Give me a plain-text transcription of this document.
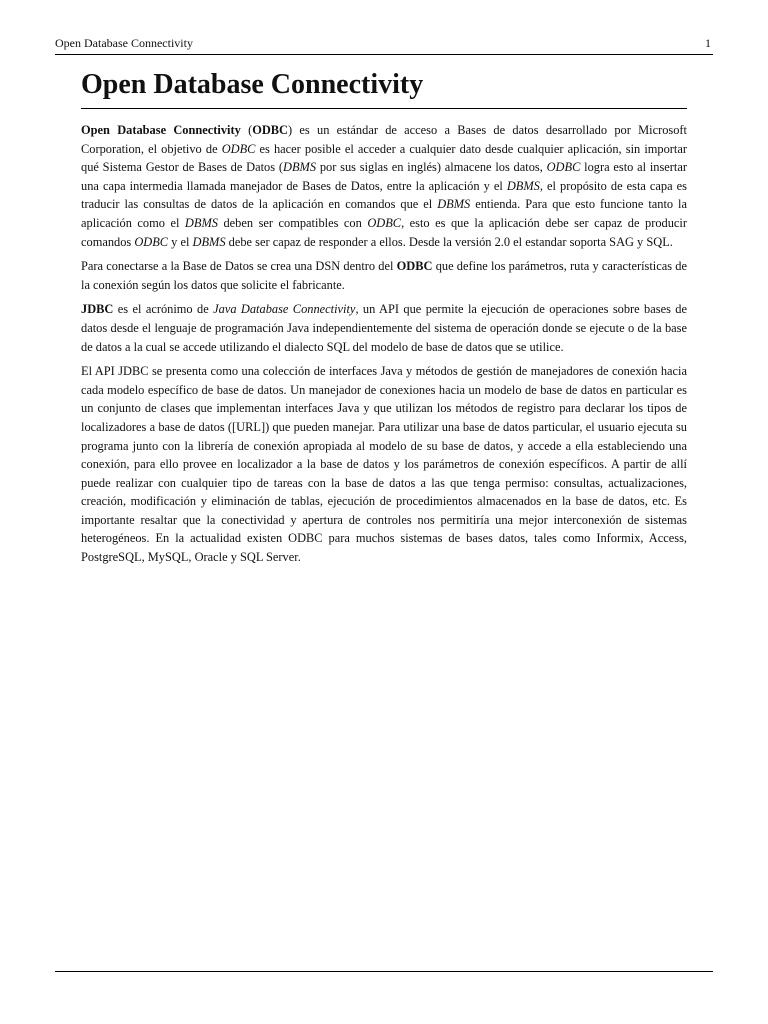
Open Database Connectivity	1
Open Database Connectivity

Open Database Connectivity (ODBC) es un estándar de acceso a Bases de datos desarrollado por Microsoft Corporation, el objetivo de ODBC es hacer posible el acceder a cualquier dato desde cualquier aplicación, sin importar qué Sistema Gestor de Bases de Datos (DBMS por sus siglas en inglés) almacene los datos, ODBC logra esto al insertar una capa intermedia llamada manejador de Bases de Datos, entre la aplicación y el DBMS, el propósito de esta capa es traducir las consultas de datos de la aplicación en comandos que el DBMS entienda. Para que esto funcione tanto la aplicación como el DBMS deben ser compatibles con ODBC, esto es que la aplicación debe ser capaz de producir comandos ODBC y el DBMS debe ser capaz de responder a ellos. Desde la versión 2.0 el estandar soporta SAG y SQL.

Para conectarse a la Base de Datos se crea una DSN dentro del ODBC que define los parámetros, ruta y características de la conexión según los datos que solicite el fabricante.

JDBC es el acrónimo de Java Database Connectivity, un API que permite la ejecución de operaciones sobre bases de datos desde el lenguaje de programación Java independientemente del sistema de operación donde se ejecute o de la base de datos a la cual se accede utilizando el dialecto SQL del modelo de base de datos que se utilice.

El API JDBC se presenta como una colección de interfaces Java y métodos de gestión de manejadores de conexión hacia cada modelo específico de base de datos. Un manejador de conexiones hacia un modelo de base de datos en particular es un conjunto de clases que implementan interfaces Java y que utilizan los métodos de registro para declarar los tipos de localizadores a base de datos ([URL]) que pueden manejar. Para utilizar una base de datos particular, el usuario ejecuta su programa junto con la librería de conexión apropiada al modelo de su base de datos, y accede a ella estableciendo una conexión, para ello provee en localizador a la base de datos y los parámetros de conexión específicos. A partir de allí puede realizar con cualquier tipo de tareas con la base de datos a las que tenga permiso: consultas, actualizaciones, creación, modificación y eliminación de tablas, ejecución de procedimientos almacenados en la base de datos, etc. Es importante resaltar que la conectividad y apertura de controles nos permitiría una mejor interconexión de sistemas heterogéneos. En la actualidad existen ODBC para muchos sistemas de bases datos, tales como Informix, Access, PostgreSQL, MySQL, Oracle y SQL Server.
